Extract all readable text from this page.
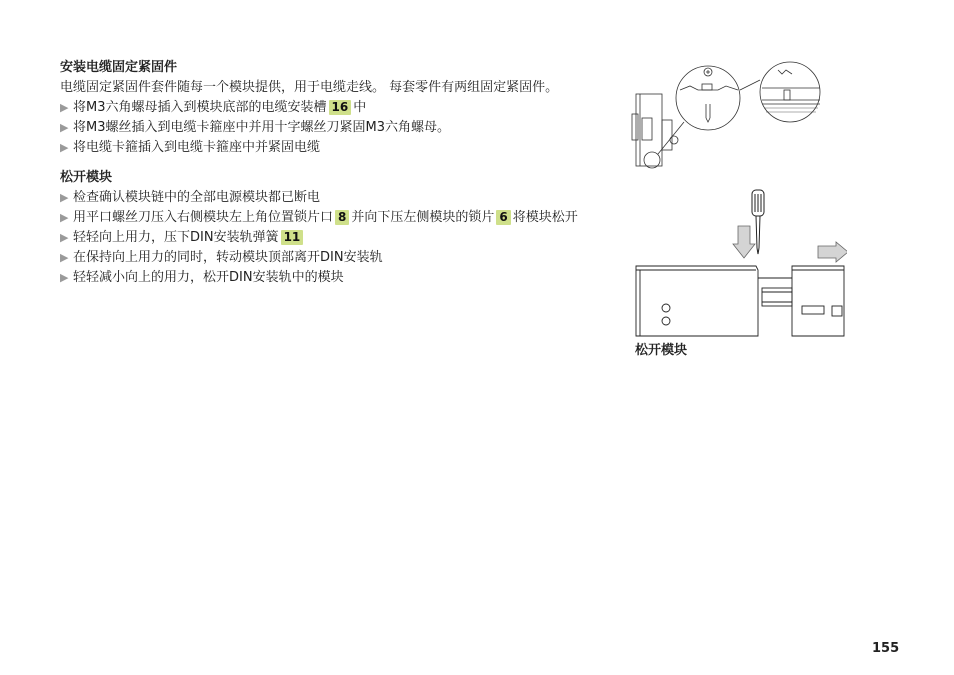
安装电缆固定紧固件

电缆固定紧固件套件随每一个模块提供，用于电缆走线。 每套零件有两组固定紧固件。

▶ 将M3六角螺母插入到模块底部的电缆安装槽 16 中
▶ 将M3螺丝插入到电缆卡箍座中并用十字螺丝刀紧固M3六角螺母。
▶ 将电缆卡箍插入到电缆卡箍座中并紧固电缆

松开模块

▶ 检查确认模块链中的全部电源模块都已断电
▶ 用平口螺丝刀压入右侧模块左上角位置锁片口 8 并向下压左侧模块的锁片 6 将模块松开
▶ 轻轻向上用力，压下DIN安装轨弹簧 11
▶ 在保持向上用力的同时，转动模块顶部离开DIN安装轨
▶ 轻轻减小向上的用力，松开DIN安装轨中的模块
松开模块
155
